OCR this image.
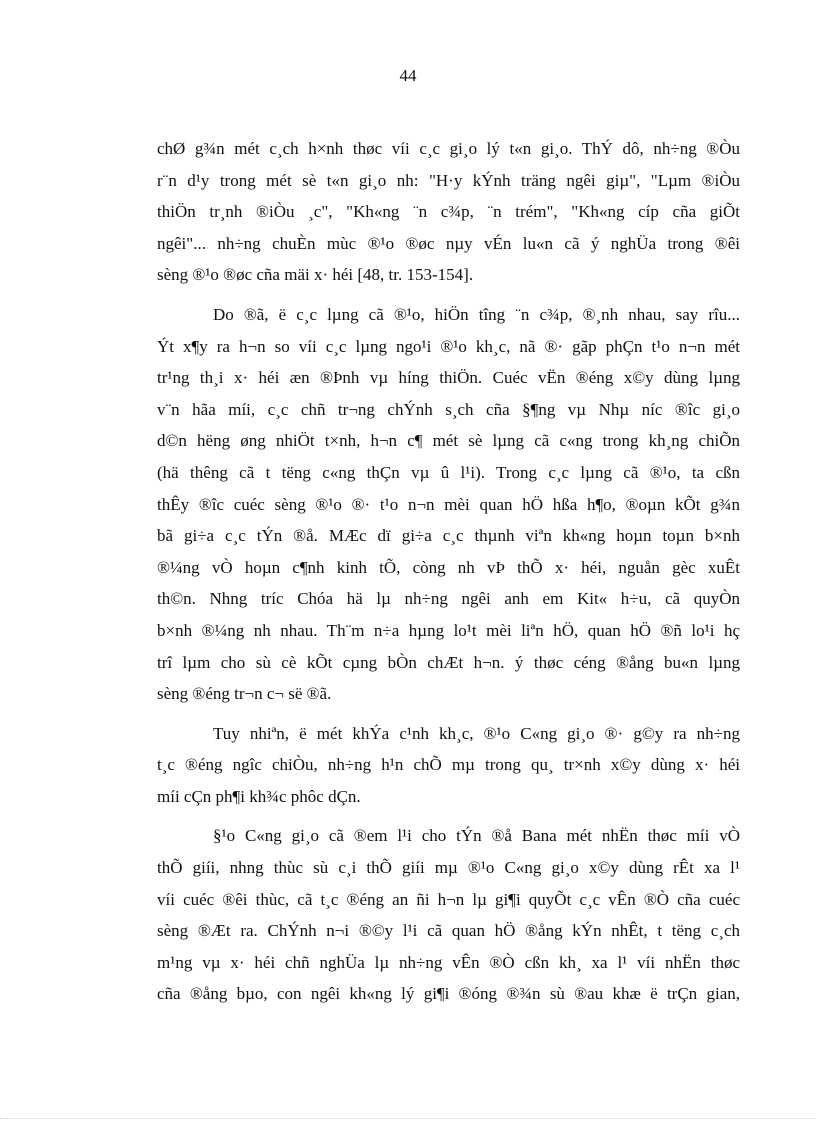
44
chØ g¾n mét c¸ch h×nh thøc víi c¸c gi¸o lý t«n gi¸o. ThÝ dô, nh÷ng ®Òu
r¨n d¹y trong mét sè t«n gi¸o nh: "H·y kÝnh träng ngêi giµ", "Lµm ®iÒu
thiÖn tr¸nh ®iÒu ¸c", "Kh«ng ¨n c¾p, ¨n trém", "Kh«ng cíp cña giÕt
ngêi"... nh÷ng chuÈn mùc ®¹o ®øc nµy vÉn lu«n cã ý nghÜa trong ®êi
sèng ®¹o ®øc cña mäi x· héi [48, tr. 153-154].
Do ®ã, ë c¸c lµng cã ®¹o, hiÖn tîng ¨n c¾p, ®¸nh nhau, say rîu...
Ýt x¶y ra h¬n so víi c¸c lµng ngo¹i ®¹o kh¸c, nã ®· gãp phÇn t¹o n¬n mét
tr¹ng th¸i x· héi æn ®Þnh vµ híng thiÖn. Cuéc vËn ®éng x©y dùng lµng
v¨n hãa míi, c¸c chñ tr¬ng chÝnh s¸ch cña §¶ng vµ Nhµ níc ®îc gi¸o
d©n hëng øng nhiÖt t×nh, h¬n c¶ mét sè lµng cã c«ng trong kh¸ng chiÕn
(hä thêng cã t tëng c«ng thÇn vµ û l¹i). Trong c¸c lµng cã ®¹o, ta cßn
thÊy ®îc cuéc sèng ®¹o ®· t¹o n¬n mèi quan hÖ hßa h¶o, ®oµn kÕt g¾n
bã gi÷a c¸c tÝn ®å. MÆc dï gi÷a c¸c thµnh viªn kh«ng hoµn toµn b×nh
®¼ng vÒ hoµn c¶nh kinh tÕ, còng nh vÞ thÕ x· héi, nguån gèc xuÊt
th©n. Nhng tríc Chóa hä lµ nh÷ng ngêi anh em Kit« h÷u, cã quyÒn
b×nh ®¼ng nh nhau. Th¨m n÷a hµng lo¹t mèi liªn hÖ, quan hÖ ®ñ lo¹i hç
trî lµm cho sù cè kÕt cµng bÒn chÆt h¬n. ý thøc céng ®ång bu«n lµng
sèng ®éng tr¬n c¬ së ®ã.
Tuy nhiªn, ë mét khÝa c¹nh kh¸c, ®¹o C«ng gi¸o ®· g©y ra nh÷ng
t¸c ®éng ngîc chiÒu, nh÷ng h¹n chÕ mµ trong qu¸ tr×nh x©y dùng x· héi
míi cÇn ph¶i kh¾c phôc dÇn.
§¹o C«ng gi¸o cã ®em l¹i cho tÝn ®å Bana mét nhËn thøc míi vÒ
thÕ giíi, nhng thùc sù c¸i thÕ giíi mµ ®¹o C«ng gi¸o x©y dùng rÊt xa l¹
víi cuéc ®êi thùc, cã t¸c ®éng an ñi h¬n lµ gi¶i quyÕt c¸c vÊn ®Ò cña cuéc
sèng ®Æt ra. ChÝnh n¬i ®©y l¹i cã quan hÖ ®ång kÝn nhÊt, t tëng c¸ch
m¹ng vµ x· héi chñ nghÜa lµ nh÷ng vÊn ®Ò cßn kh¸ xa l¹ víi nhËn thøc
cña ®ång bµo, con ngêi kh«ng lý gi¶i ®óng ®¾n sù ®au khæ ë trÇn gian,
